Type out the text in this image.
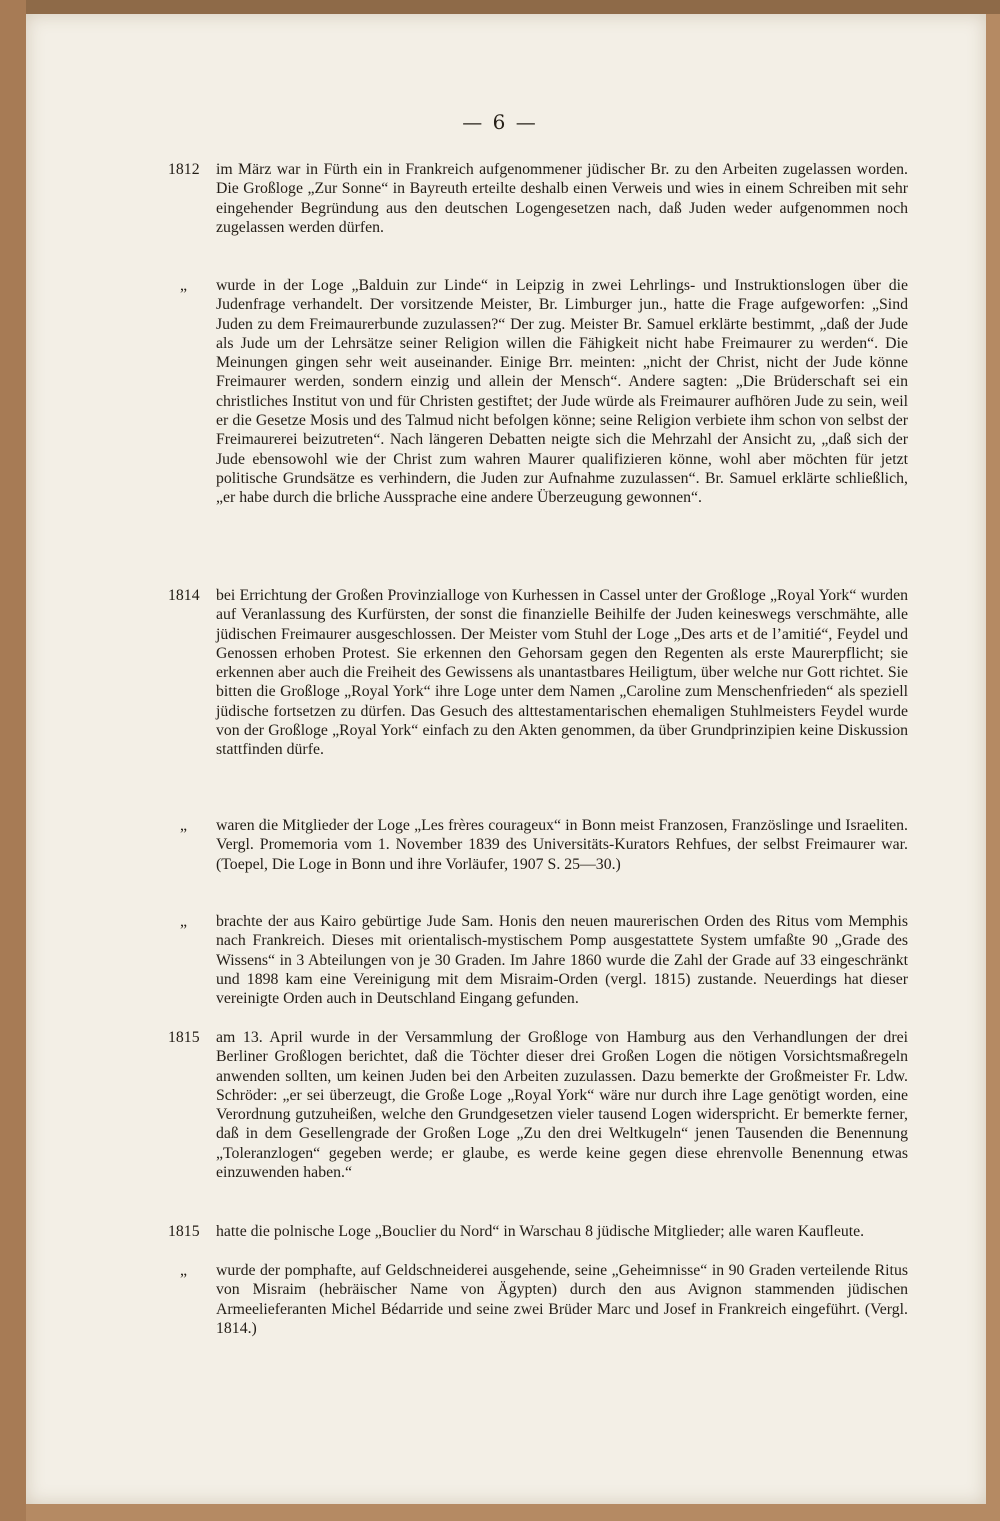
— 6 —

1812	im März war in Fürth ein in Frankreich aufgenommener jüdischer Br. zu den Arbeiten zugelassen worden. Die Großloge „Zur Sonne“ in Bayreuth erteilte deshalb einen Verweis und wies in einem Schreiben mit sehr eingehender Begründung aus den deutschen Logengesetzen nach, daß Juden weder aufgenommen noch zugelassen werden dürfen.

„	wurde in der Loge „Balduin zur Linde“ in Leipzig in zwei Lehrlings- und Instruktionslogen über die Judenfrage verhandelt. Der vorsitzende Meister, Br. Limburger jun., hatte die Frage aufgeworfen: „Sind Juden zu dem Freimaurerbunde zuzulassen?“ Der zug. Meister Br. Samuel erklärte bestimmt, „daß der Jude als Jude um der Lehrsätze seiner Religion willen die Fähigkeit nicht habe Freimaurer zu werden“. Die Meinungen gingen sehr weit auseinander. Einige Brr. meinten: „nicht der Christ, nicht der Jude könne Freimaurer werden, sondern einzig und allein der Mensch“. Andere sagten: „Die Brüderschaft sei ein christliches Institut von und für Christen gestiftet; der Jude würde als Freimaurer aufhören Jude zu sein, weil er die Gesetze Mosis und des Talmud nicht befolgen könne; seine Religion verbiete ihm schon von selbst der Freimaurerei beizutreten“. Nach längeren Debatten neigte sich die Mehrzahl der Ansicht zu, „daß sich der Jude ebensowohl wie der Christ zum wahren Maurer qualifizieren könne, wohl aber möchten für jetzt politische Grundsätze es verhindern, die Juden zur Aufnahme zuzulassen“. Br. Samuel erklärte schließlich, „er habe durch die brliche Aussprache eine andere Überzeugung gewonnen“.

1814	bei Errichtung der Großen Provinzialloge von Kurhessen in Cassel unter der Großloge „Royal York“ wurden auf Veranlassung des Kurfürsten, der sonst die finanzielle Beihilfe der Juden keineswegs verschmähte, alle jüdischen Freimaurer ausgeschlossen. Der Meister vom Stuhl der Loge „Des arts et de l’amitié“, Feydel und Genossen erhoben Protest. Sie erkennen den Gehorsam gegen den Regenten als erste Maurerpflicht; sie erkennen aber auch die Freiheit des Gewissens als unantastbares Heiligtum, über welche nur Gott richtet. Sie bitten die Großloge „Royal York“ ihre Loge unter dem Namen „Caroline zum Menschenfrieden“ als speziell jüdische fortsetzen zu dürfen. Das Gesuch des alttestamentarischen ehemaligen Stuhlmeisters Feydel wurde von der Großloge „Royal York“ einfach zu den Akten genommen, da über Grundprinzipien keine Diskussion stattfinden dürfe.

„	waren die Mitglieder der Loge „Les frères courageux“ in Bonn meist Franzosen, Französlinge und Israeliten. Vergl. Promemoria vom 1. November 1839 des Universitäts-Kurators Rehfues, der selbst Freimaurer war. (Toepel, Die Loge in Bonn und ihre Vorläufer, 1907 S. 25—30.)

„	brachte der aus Kairo gebürtige Jude Sam. Honis den neuen maurerischen Orden des Ritus vom Memphis nach Frankreich. Dieses mit orientalisch-mystischem Pomp ausgestattete System umfaßte 90 „Grade des Wissens“ in 3 Abteilungen von je 30 Graden. Im Jahre 1860 wurde die Zahl der Grade auf 33 eingeschränkt und 1898 kam eine Vereinigung mit dem Misraim-Orden (vergl. 1815) zustande. Neuerdings hat dieser vereinigte Orden auch in Deutschland Eingang gefunden.

1815	am 13. April wurde in der Versammlung der Großloge von Hamburg aus den Verhandlungen der drei Berliner Großlogen berichtet, daß die Töchter dieser drei Großen Logen die nötigen Vorsichtsmaßregeln anwenden sollten, um keinen Juden bei den Arbeiten zuzulassen. Dazu bemerkte der Großmeister Fr. Ldw. Schröder: „er sei überzeugt, die Große Loge „Royal York“ wäre nur durch ihre Lage genötigt worden, eine Verordnung gutzuheißen, welche den Grundgesetzen vieler tausend Logen widerspricht. Er bemerkte ferner, daß in dem Gesellengrade der Großen Loge „Zu den drei Weltkugeln“ jenen Tausenden die Benennung „Toleranzlogen“ gegeben werde; er glaube, es werde keine gegen diese ehrenvolle Benennung etwas einzuwenden haben.“

1815	hatte die polnische Loge „Bouclier du Nord“ in Warschau 8 jüdische Mitglieder; alle waren Kaufleute.

„	wurde der pomphafte, auf Geldschneiderei ausgehende, seine „Geheimnisse“ in 90 Graden verteilende Ritus von Misraim (hebräischer Name von Ägypten) durch den aus Avignon stammenden jüdischen Armeelieferanten Michel Bédarride und seine zwei Brüder Marc und Josef in Frankreich eingeführt. (Vergl. 1814.)
